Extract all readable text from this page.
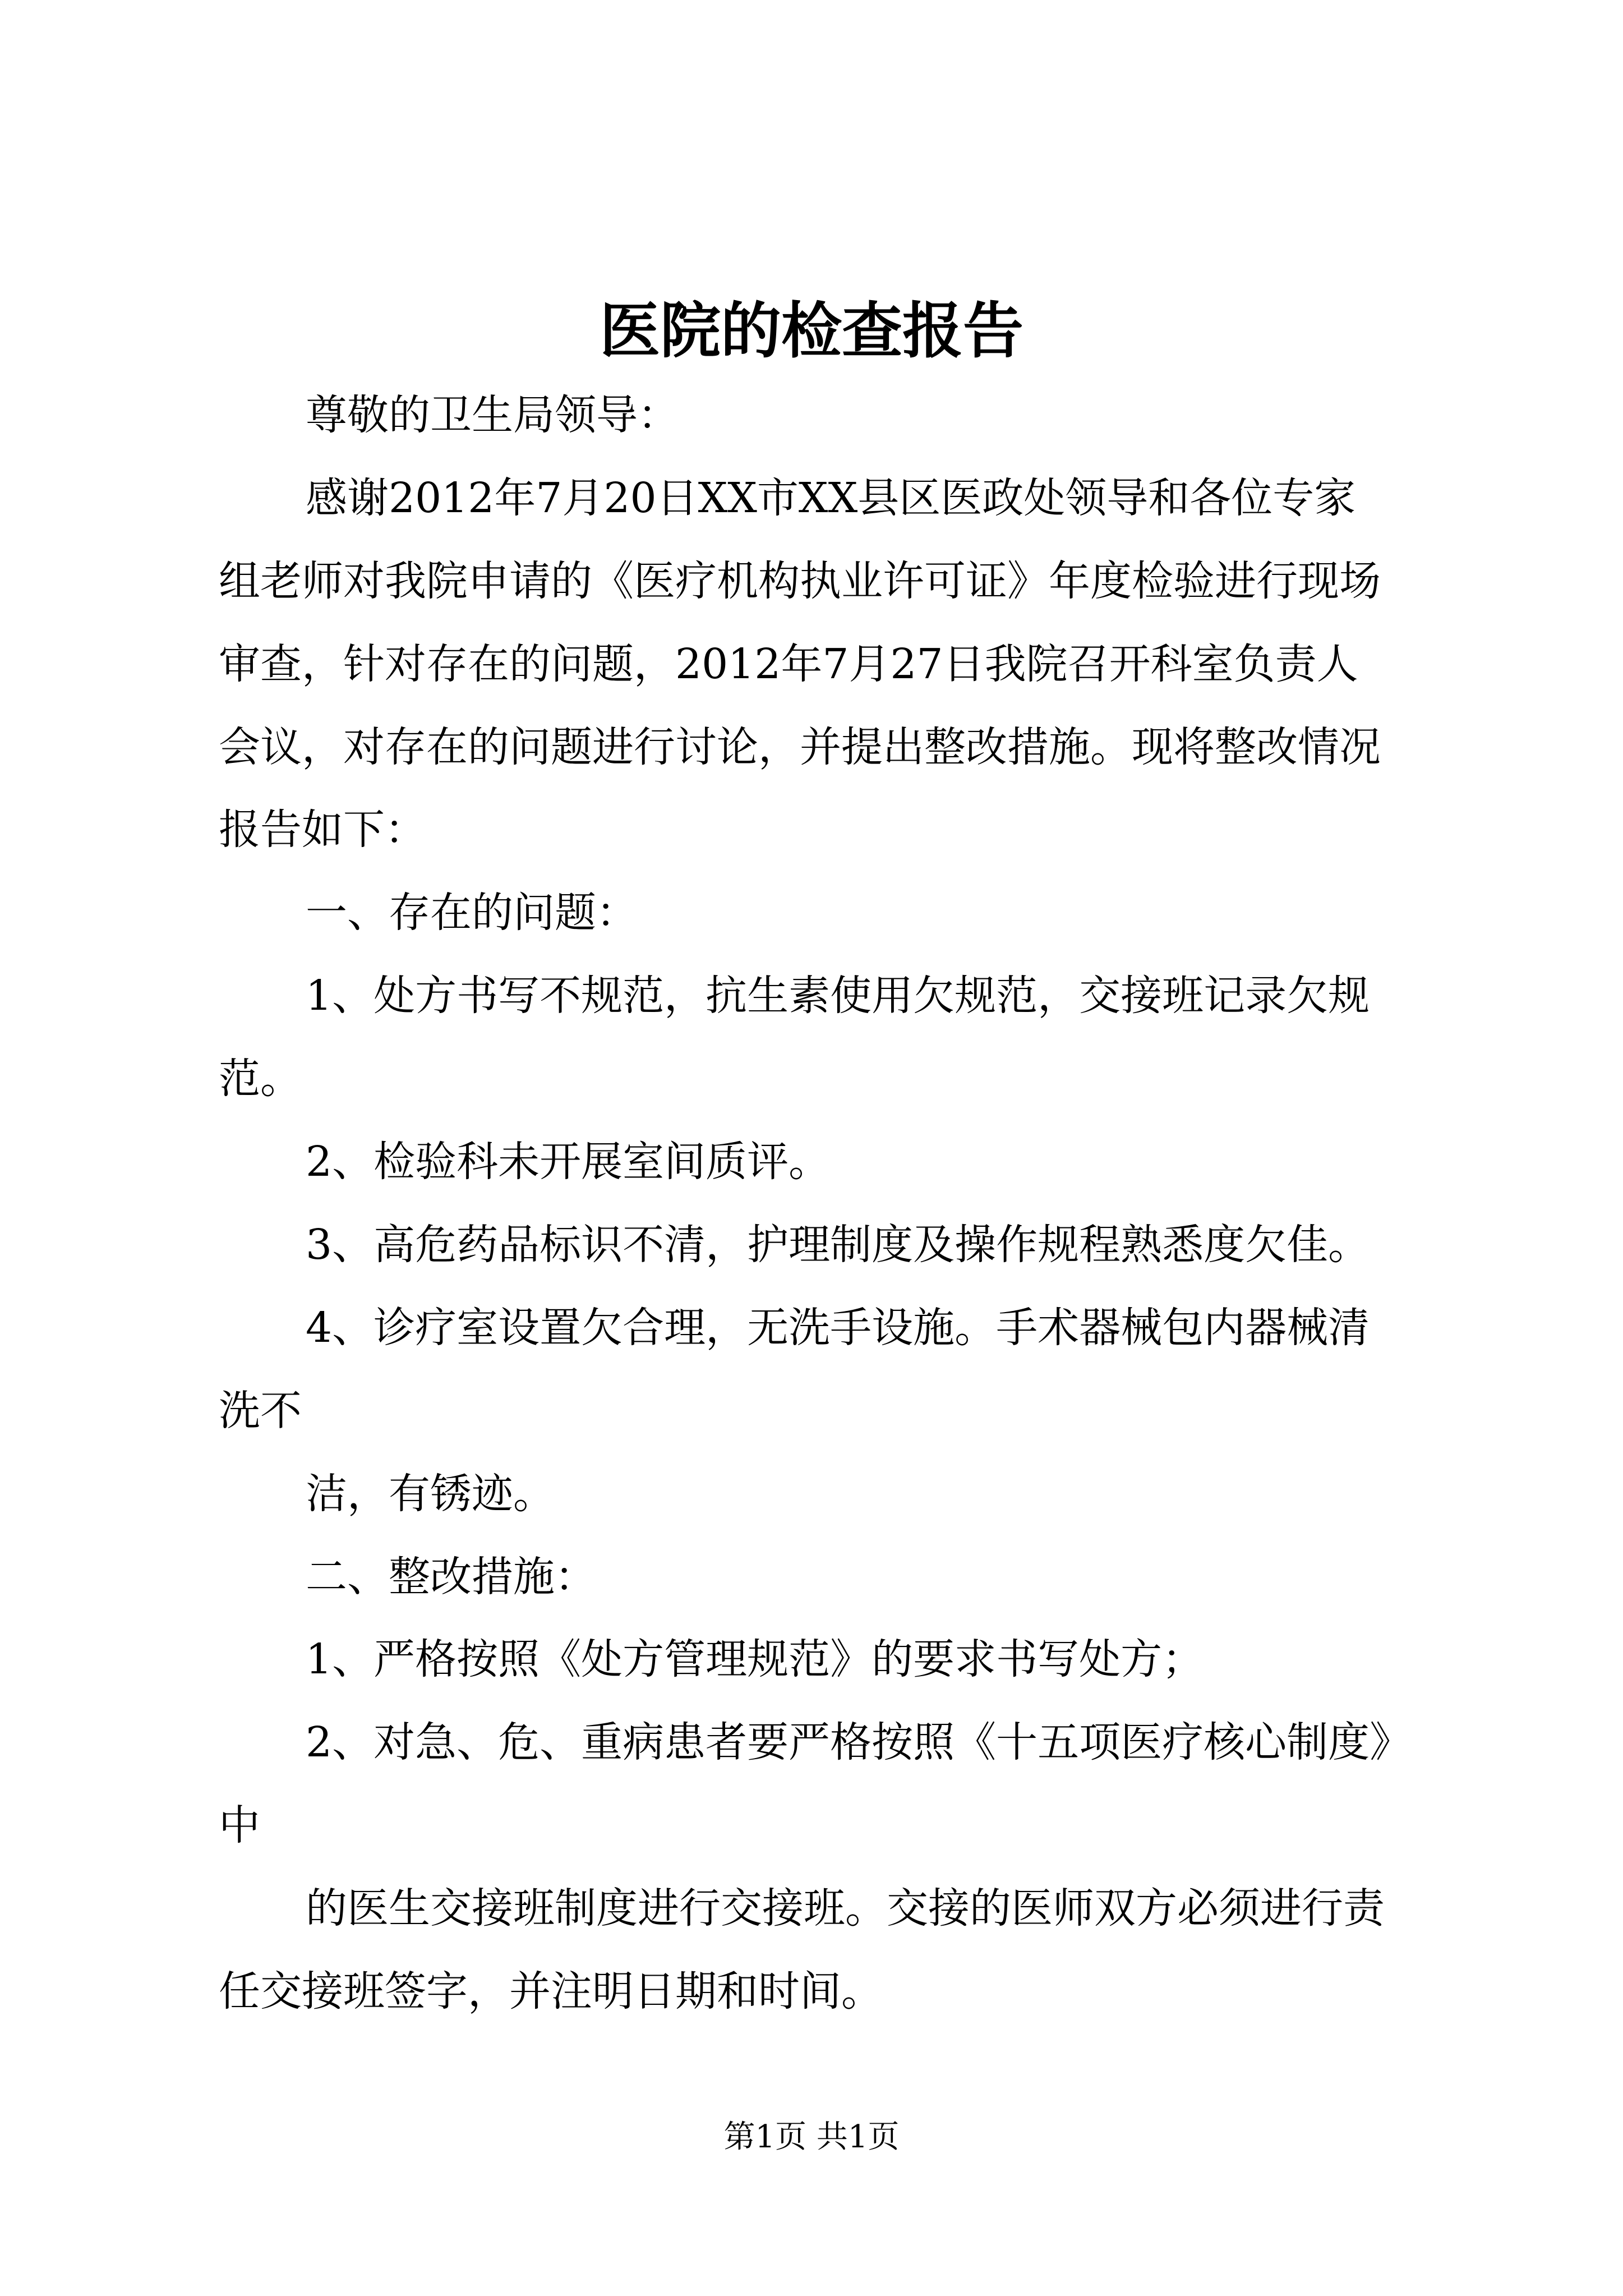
医院的检查报告
尊敬的卫生局领导：
感谢2012年7月20日XX市XX县区医政处领导和各位专家
组老师对我院申请的《医疗机构执业许可证》年度检验进行现场
审查，针对存在的问题，2012年7月27日我院召开科室负责人
会议，对存在的问题进行讨论，并提出整改措施。现将整改情况
报告如下：
一、存在的问题：
1、处方书写不规范，抗生素使用欠规范，交接班记录欠规
范。
2、检验科未开展室间质评。
3、高危药品标识不清，护理制度及操作规程熟悉度欠佳。
4、诊疗室设置欠合理，无洗手设施。手术器械包内器械清
洗不
洁，有锈迹。
二、整改措施：
1、严格按照《处方管理规范》的要求书写处方；
2、对急、危、重病患者要严格按照《十五项医疗核心制度》
中
的医生交接班制度进行交接班。交接的医师双方必须进行责
任交接班签字，并注明日期和时间。
第1页 共1页
